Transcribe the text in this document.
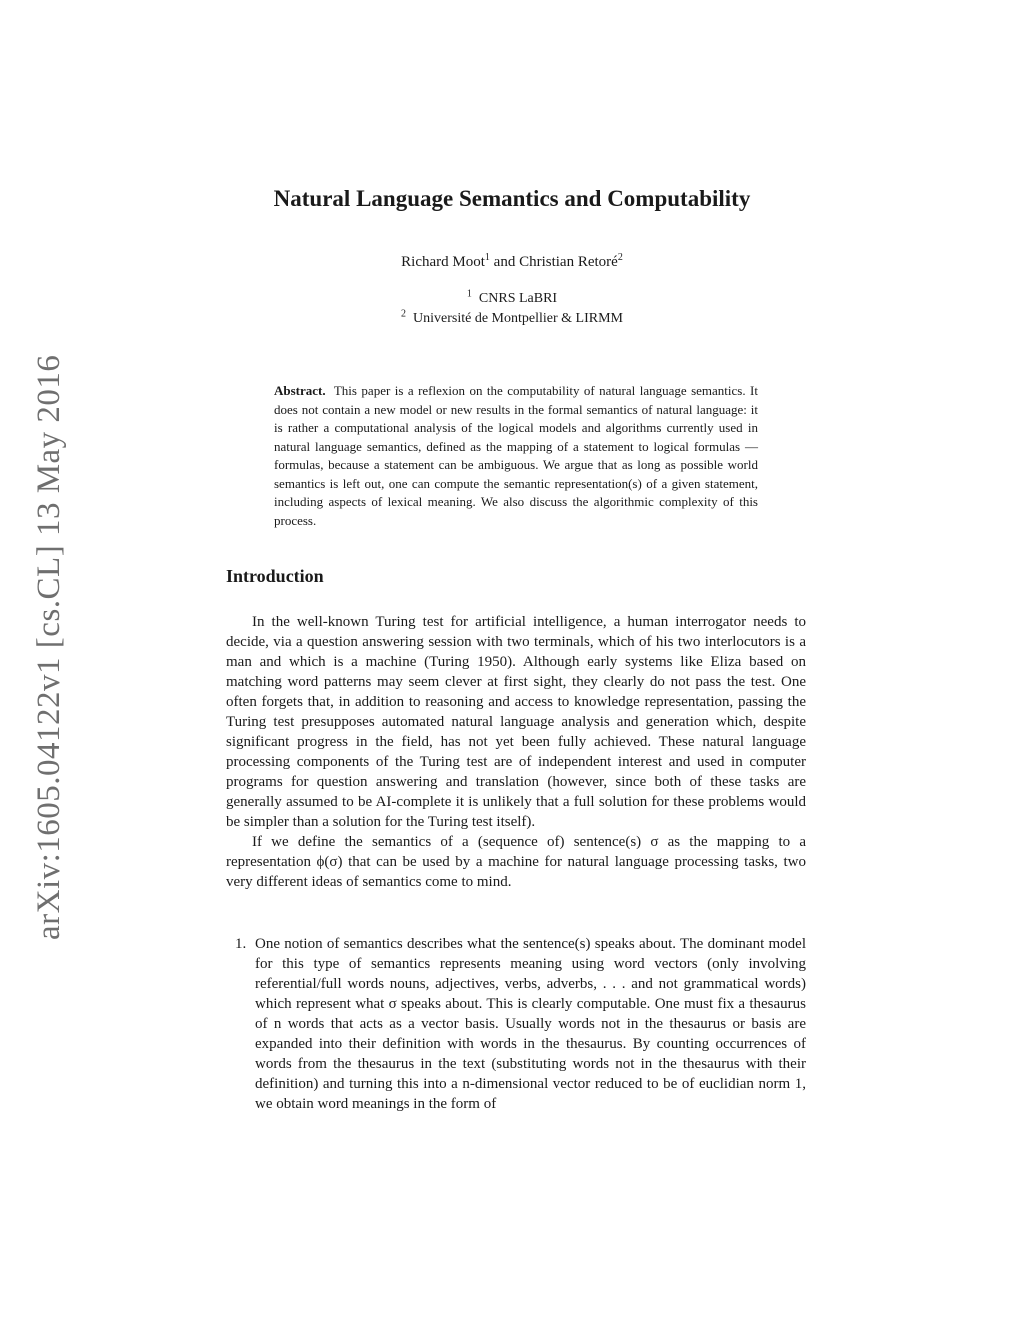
arXiv:1605.04122v1 [cs.CL] 13 May 2016
Natural Language Semantics and Computability
Richard Moot$^1$ and Christian Retoré$^2$
$^1$ CNRS LaBRI
$^2$ Université de Montpellier & LIRMM
Abstract. This paper is a reflexion on the computability of natural language semantics. It does not contain a new model or new results in the formal semantics of natural language: it is rather a computational analysis of the logical models and algorithms currently used in natural language semantics, defined as the mapping of a statement to logical formulas — formulas, because a statement can be ambiguous. We argue that as long as possible world semantics is left out, one can compute the semantic representation(s) of a given statement, including aspects of lexical meaning. We also discuss the algorithmic complexity of this process.
Introduction

In the well-known Turing test for artificial intelligence, a human interrogator needs to decide, via a question answering session with two terminals, which of his two interlocutors is a man and which is a machine (Turing 1950). Although early systems like Eliza based on matching word patterns may seem clever at first sight, they clearly do not pass the test. One often forgets that, in addition to reasoning and access to knowledge representation, passing the Turing test presupposes automated natural language analysis and generation which, despite significant progress in the field, has not yet been fully achieved. These natural language processing components of the Turing test are of independent interest and used in computer programs for question answering and translation (however, since both of these tasks are generally assumed to be AI-complete it is unlikely that a full solution for these problems would be simpler than a solution for the Turing test itself).

If we define the semantics of a (sequence of) sentence(s) σ as the mapping to a representation ϕ(σ) that can be used by a machine for natural language processing tasks, two very different ideas of semantics come to mind.

1. One notion of semantics describes what the sentence(s) speaks about. The dominant model for this type of semantics represents meaning using word vectors (only involving referential/full words nouns, adjectives, verbs, adverbs, . . . and not grammatical words) which represent what σ speaks about. This is clearly computable. One must fix a thesaurus of n words that acts as a vector basis. Usually words not in the thesaurus or basis are expanded into their definition with words in the thesaurus. By counting occurrences of words from the thesaurus in the text (substituting words not in the thesaurus with their definition) and turning this into a n-dimensional vector reduced to be of euclidian norm 1, we obtain word meanings in the form of
